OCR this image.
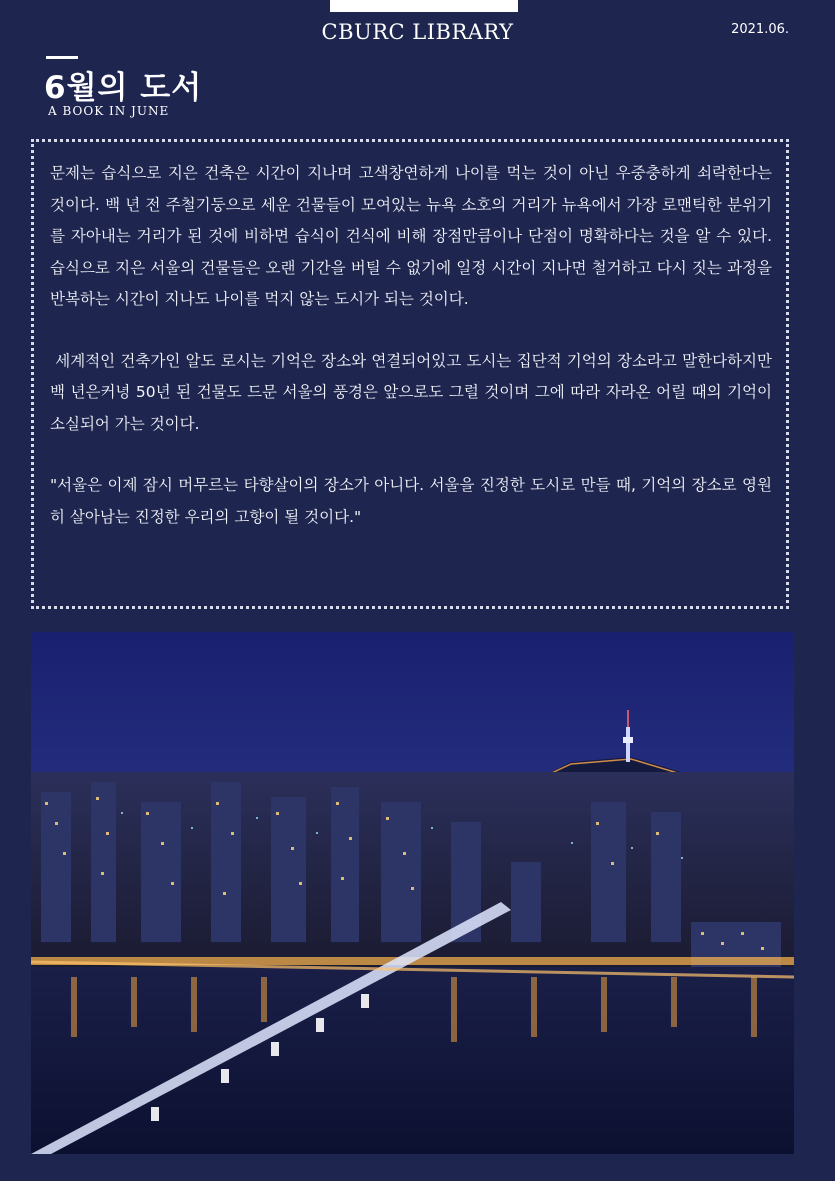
CBURC LIBRARY	2021.06.
6월의 도서
A BOOK IN JUNE

문제는 습식으로 지은 건축은 시간이 지나며 고색창연하게 나이를 먹는 것이 아닌 우중충하게 쇠락한다는 것이다. 백 년 전 주철기둥으로 세운 건물들이 모여있는 뉴욕 소호의 거리가 뉴욕에서 가장 로맨틱한 분위기를 자아내는 거리가 된 것에 비하면 습식이 건식에 비해 장점만큼이나 단점이 명확하다는 것을 알 수 있다. 습식으로 지은 서울의 건물들은 오랜 기간을 버틸 수 없기에 일정 시간이 지나면 철거하고 다시 짓는 과정을 반복하는 시간이 지나도 나이를 먹지 않는 도시가 되는 것이다.

세계적인 건축가인 알도 로시는 기억은 장소와 연결되어있고 도시는 집단적 기억의 장소라고 말한다하지만 백 년은커녕 50년 된 건물도 드문 서울의 풍경은 앞으로도 그럴 것이며 그에 따라 자라온 어릴 때의 기억이 소실되어 가는 것이다.

"서울은 이제 잠시 머무르는 타향살이의 장소가 아니다. 서울을 진정한 도시로 만들 때, 기억의 장소로 영원히 살아남는 진정한 우리의 고향이 될 것이다."
